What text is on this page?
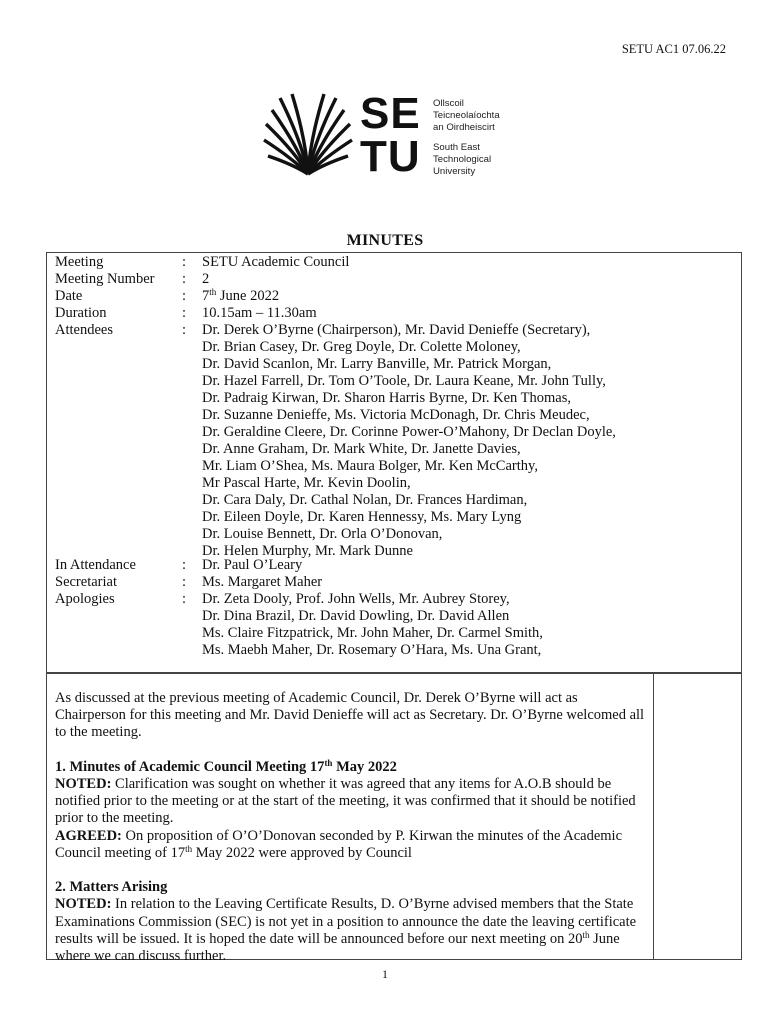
SETU AC1 07.06.22
SE
TU
Ollscoil
Teicneolaíochta
an Oirdheiscirt
South East
Technological
University
MINUTES
Meeting	: SETU Academic Council
Meeting Number	: 2
Date	: 7th June 2022
Duration	: 10.15am – 11.30am
Attendees	: Dr. Derek O’Byrne (Chairperson), Mr. David Denieffe (Secretary),
Dr. Brian Casey, Dr. Greg Doyle, Dr. Colette Moloney,
Dr. David Scanlon, Mr. Larry Banville, Mr. Patrick Morgan,
Dr. Hazel Farrell, Dr. Tom O’Toole, Dr. Laura Keane, Mr. John Tully,
Dr. Padraig Kirwan, Dr. Sharon Harris Byrne, Dr. Ken Thomas,
Dr. Suzanne Denieffe, Ms. Victoria McDonagh, Dr. Chris Meudec,
Dr. Geraldine Cleere, Dr. Corinne Power-O’Mahony, Dr Declan Doyle,
Dr. Anne Graham, Dr. Mark White, Dr. Janette Davies,
Mr. Liam O’Shea, Ms. Maura Bolger, Mr. Ken McCarthy,
Mr Pascal Harte, Mr. Kevin Doolin,
Dr. Cara Daly, Dr. Cathal Nolan, Dr. Frances Hardiman,
Dr. Eileen Doyle, Dr. Karen Hennessy, Ms. Mary Lyng
Dr. Louise Bennett, Dr. Orla O’Donovan,
Dr. Helen Murphy, Mr. Mark Dunne
In Attendance	: Dr. Paul O’Leary
Secretariat	: Ms. Margaret Maher
Apologies	: Dr. Zeta Dooly, Prof. John Wells, Mr. Aubrey Storey,
Dr. Dina Brazil, Dr. David Dowling, Dr. David Allen
Ms. Claire Fitzpatrick, Mr. John Maher, Dr. Carmel Smith,
Ms. Maebh Maher, Dr. Rosemary O’Hara, Ms. Una Grant,

As discussed at the previous meeting of Academic Council, Dr. Derek O’Byrne will act as Chairperson for this meeting and Mr. David Denieffe will act as Secretary. Dr. O’Byrne welcomed all to the meeting.

1. Minutes of Academic Council Meeting 17th May 2022

NOTED: Clarification was sought on whether it was agreed that any items for A.O.B should be notified prior to the meeting or at the start of the meeting, it was confirmed that it should be notified prior to the meeting.

AGREED: On proposition of O’O’Donovan seconded by P. Kirwan the minutes of the Academic Council meeting of 17th May 2022 were approved by Council

2. Matters Arising

NOTED: In relation to the Leaving Certificate Results, D. O’Byrne advised members that the State Examinations Commission (SEC) is not yet in a position to announce the date the leaving certificate results will be issued. It is hoped the date will be announced before our next meeting on 20th June where we can discuss further.

1
